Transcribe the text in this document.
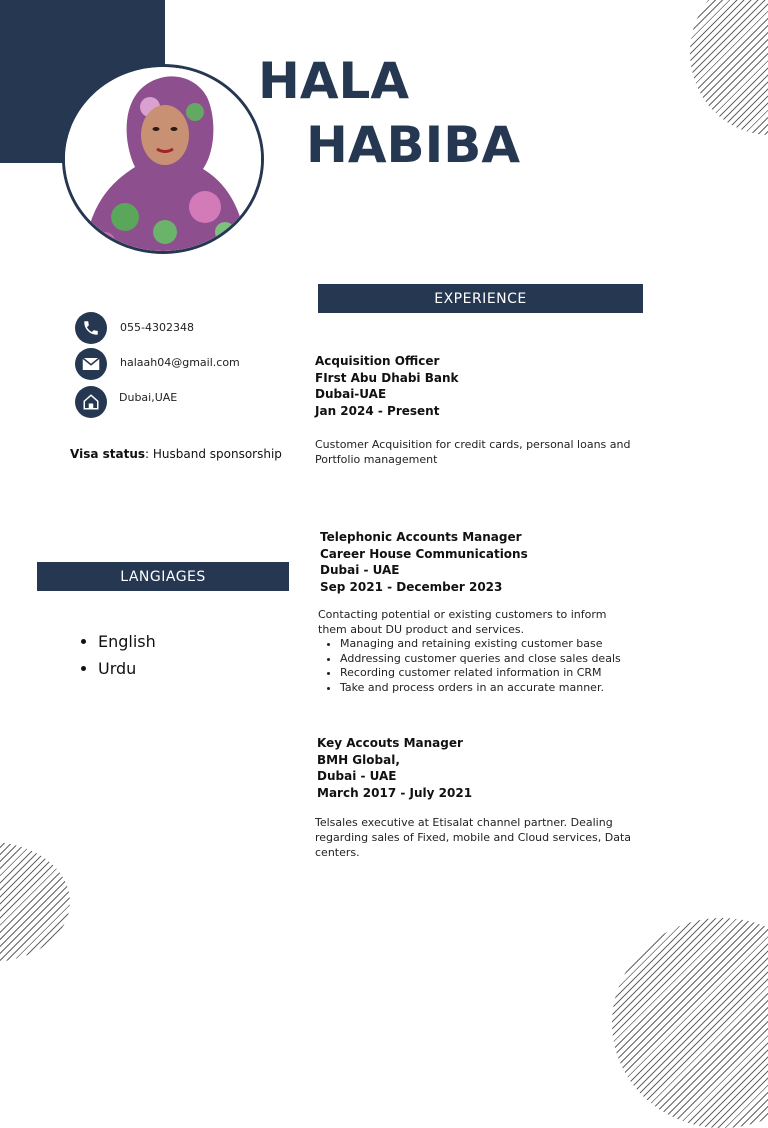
HALA
HABIBA
055-4302348
halaah04@gmail.com
Dubai,UAE
Visa status: Husband sponsorship
LANGIAGES
• English
• Urdu
EXPERIENCE
Acquisition Officer
FIrst Abu Dhabi Bank
Dubai-UAE
Jan 2024 - Present
Customer Acquisition for credit cards, personal loans and Portfolio management
Telephonic Accounts Manager
Career House Communications
Dubai - UAE
Sep 2021 - December 2023
Contacting potential or existing customers to inform them about DU product and services.
• Managing and retaining existing customer base
• Addressing customer queries and close sales deals
• Recording customer related information in CRM
• Take and process orders in an accurate manner.
Key Accouts Manager
BMH Global,
Dubai - UAE
March 2017 - July 2021
Telsales executive at Etisalat channel partner. Dealing regarding sales of Fixed, mobile and Cloud services, Data centers.
